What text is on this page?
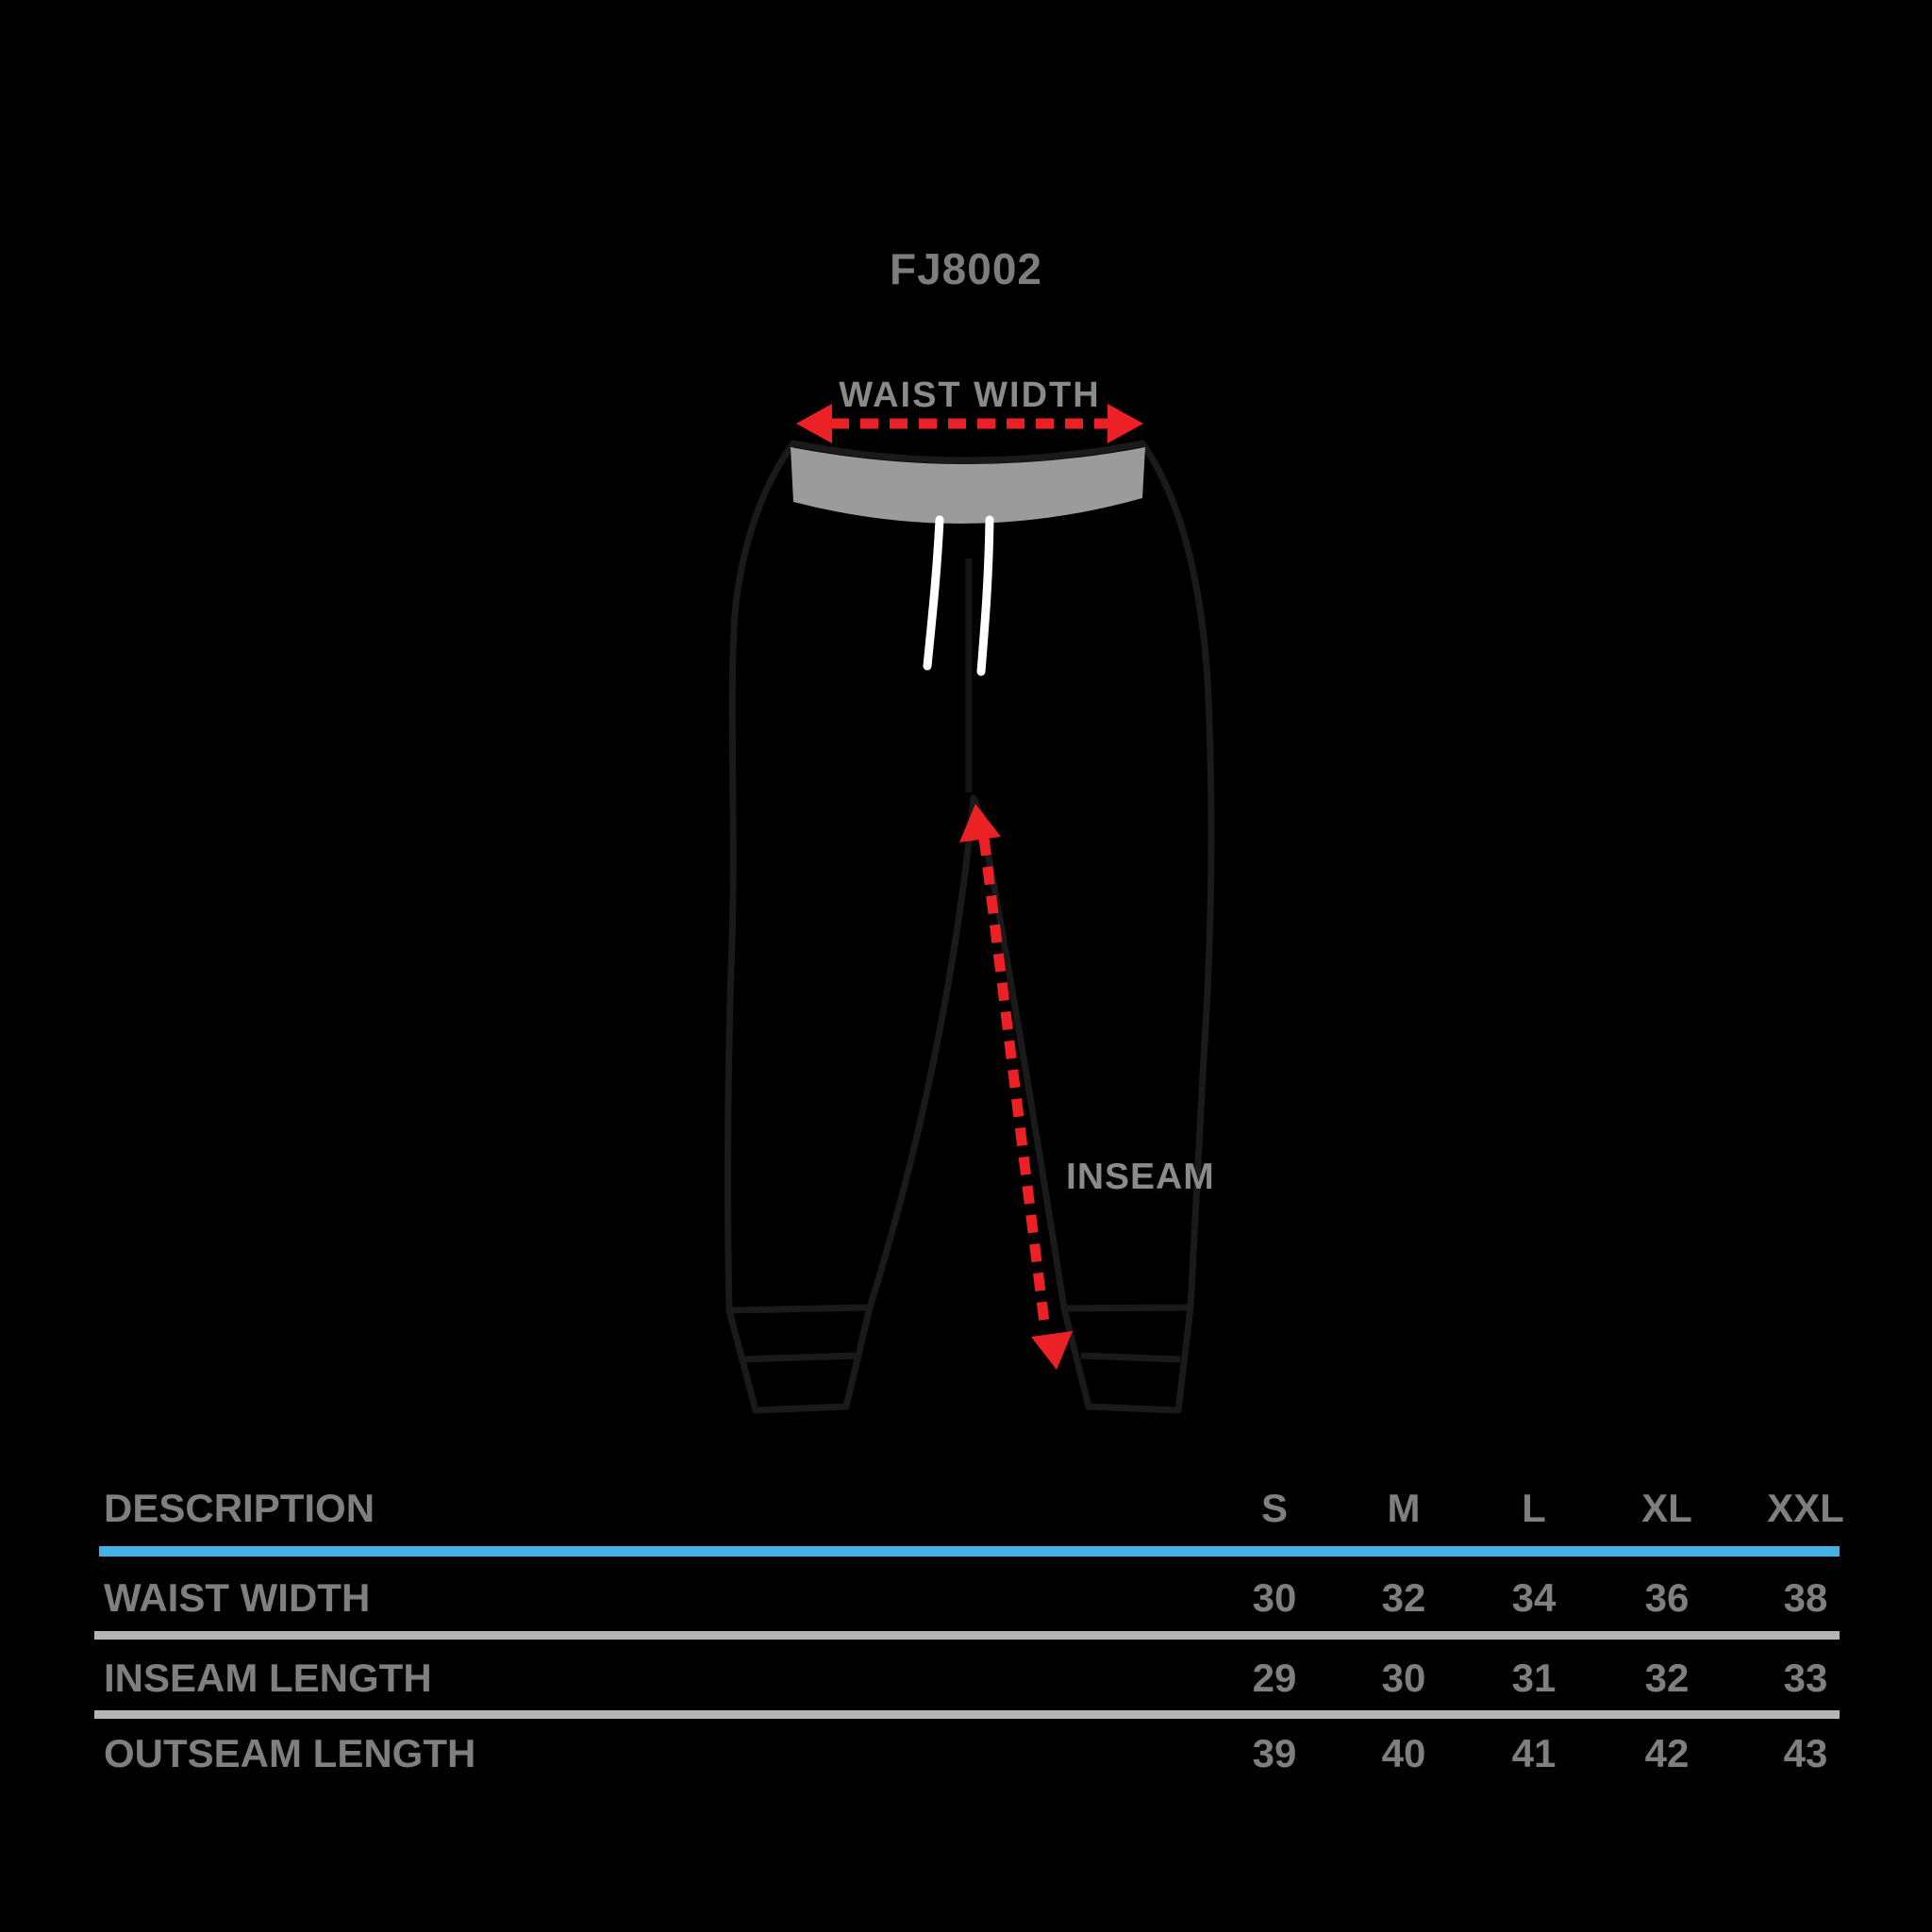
FJ8002
WAIST WIDTH
INSEAM
DESCRIPTION	S	M	L	XL	XXL
WAIST WIDTH	30	32	34	36	38
INSEAM LENGTH	29	30	31	32	33
OUTSEAM LENGTH	39	40	41	42	43
